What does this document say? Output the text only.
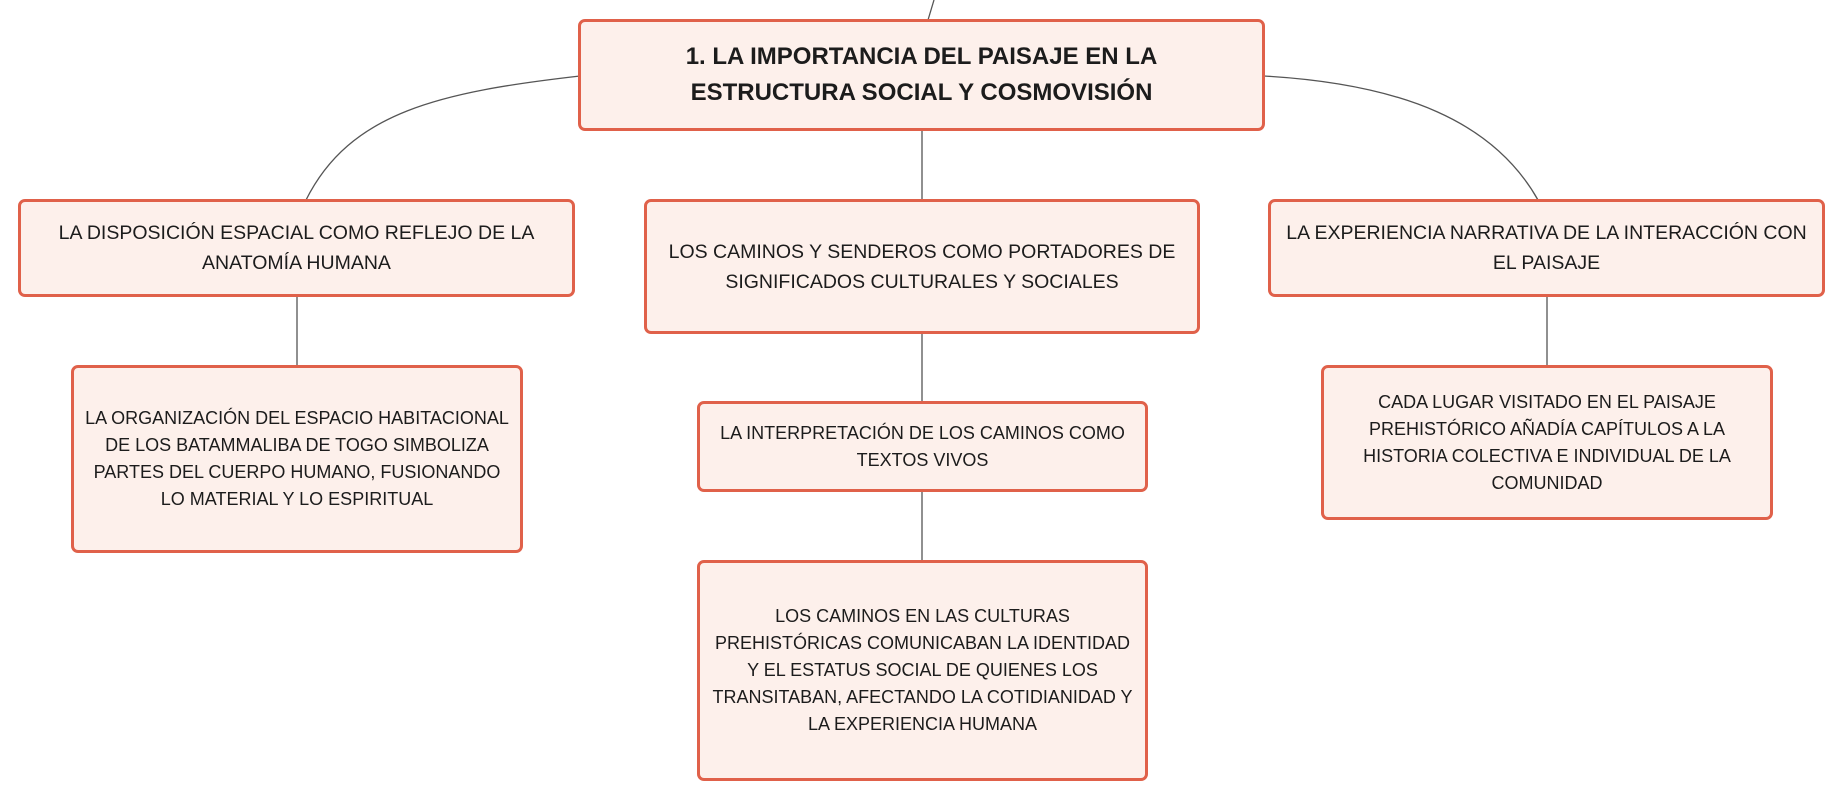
1. LA IMPORTANCIA DEL PAISAJE EN LA ESTRUCTURA SOCIAL Y COSMOVISIÓN
LA DISPOSICIÓN ESPACIAL COMO REFLEJO DE LA ANATOMÍA HUMANA
LOS CAMINOS Y SENDEROS COMO PORTADORES DE SIGNIFICADOS CULTURALES Y SOCIALES
LA EXPERIENCIA NARRATIVA DE LA INTERACCIÓN CON EL PAISAJE
LA ORGANIZACIÓN DEL ESPACIO HABITACIONAL DE LOS BATAMMALIBA DE TOGO SIMBOLIZA PARTES DEL CUERPO HUMANO, FUSIONANDO LO MATERIAL Y LO ESPIRITUAL
LA INTERPRETACIÓN DE LOS CAMINOS COMO TEXTOS VIVOS
LOS CAMINOS EN LAS CULTURAS PREHISTÓRICAS COMUNICABAN LA IDENTIDAD Y EL ESTATUS SOCIAL DE QUIENES LOS TRANSITABAN, AFECTANDO LA COTIDIANIDAD Y LA EXPERIENCIA HUMANA
CADA LUGAR VISITADO EN EL PAISAJE PREHISTÓRICO AÑADÍA CAPÍTULOS A LA HISTORIA COLECTIVA E INDIVIDUAL DE LA COMUNIDAD
